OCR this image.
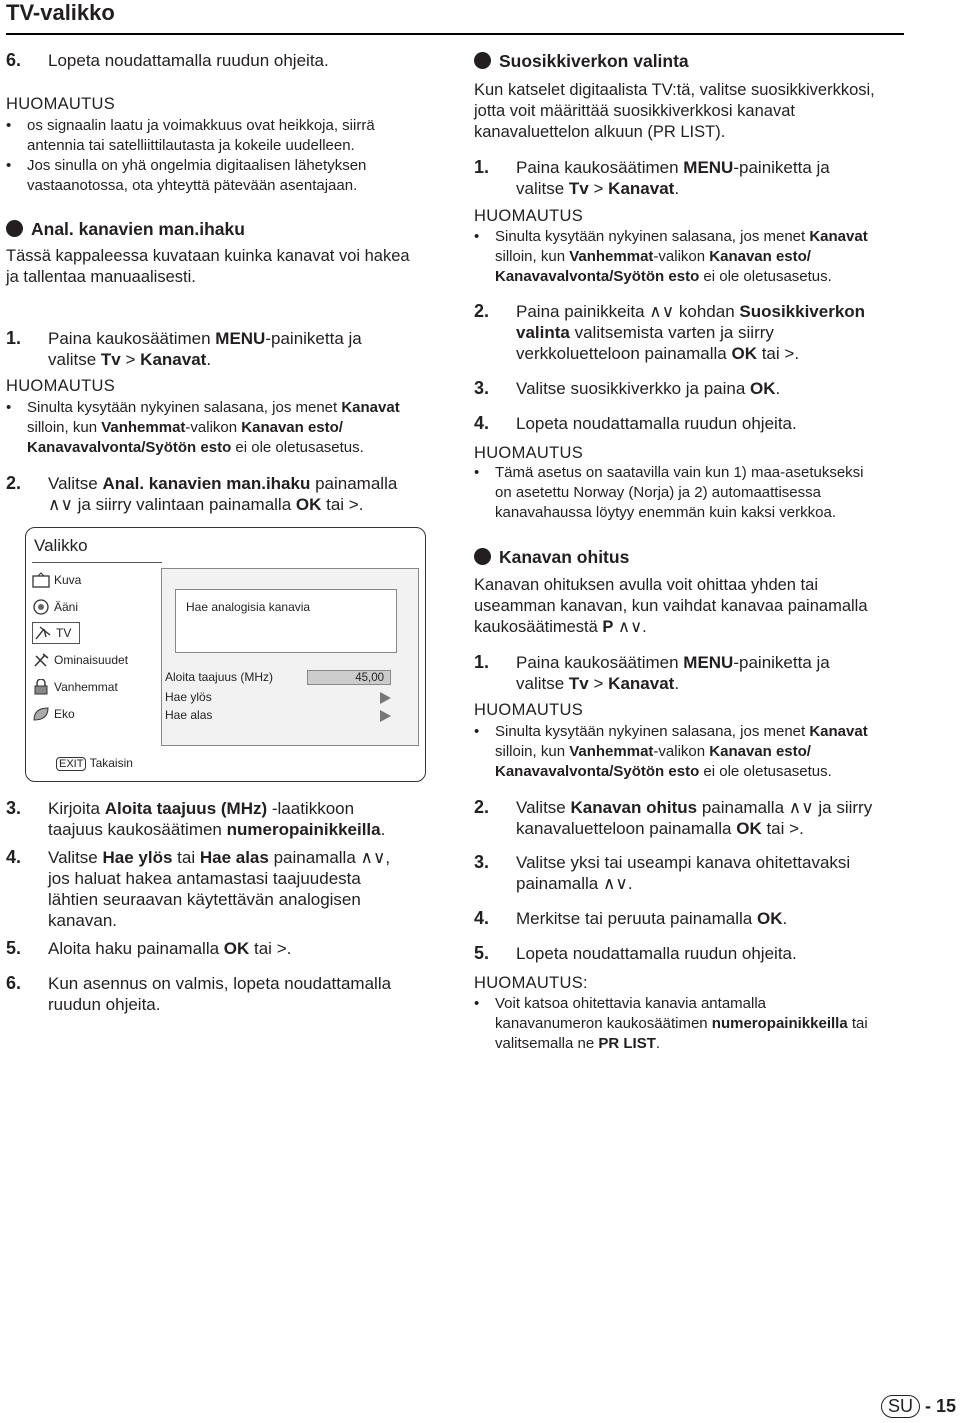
TV-valikko
6. Lopeta noudattamalla ruudun ohjeita.
HUOMAUTUS
• os signaalin laatu ja voimakkuus ovat heikkoja, siirrä
antennia tai satelliittilautasta ja kokeile uudelleen.
• Jos sinulla on yhä ongelmia digitaalisen lähetyksen
vastaanotossa, ota yhteyttä pätevään asentajaan.
Anal. kanavien man.ihaku
Tässä kappaleessa kuvataan kuinka kanavat voi hakea
ja tallentaa manuaalisesti.
1. Paina kaukosäätimen MENU-painiketta ja
valitse Tv > Kanavat.
HUOMAUTUS
• Sinulta kysytään nykyinen salasana, jos menet Kanavat
silloin, kun Vanhemmat-valikon Kanavan esto/
Kanavavalvonta/Syötön esto ei ole oletusasetus.
2. Valitse Anal. kanavien man.ihaku painamalla
∧∨ ja siirry valintaan painamalla OK tai >.
Valikko
Kuva
Ääni
TV
Ominaisuudet
Vanhemmat
Eko
Hae analogisia kanavia
Aloita taajuus (MHz)	45,00
Hae ylös
Hae alas
EXIT Takaisin
3. Kirjoita Aloita taajuus (MHz) -laatikkoon
taajuus kaukosäätimen numeropainikkeilla.
4. Valitse Hae ylös tai Hae alas painamalla ∧∨,
jos haluat hakea antamastasi taajuudesta
lähtien seuraavan käytettävän analogisen
kanavan.
5. Aloita haku painamalla OK tai >.
6. Kun asennus on valmis, lopeta noudattamalla
ruudun ohjeita.
Suosikkiverkon valinta
Kun katselet digitaalista TV:tä, valitse suosikkiverkkosi,
jotta voit määrittää suosikkiverkkosi kanavat
kanavaluettelon alkuun (PR LIST).
1. Paina kaukosäätimen MENU-painiketta ja
valitse Tv > Kanavat.
HUOMAUTUS
• Sinulta kysytään nykyinen salasana, jos menet Kanavat
silloin, kun Vanhemmat-valikon Kanavan esto/
Kanavavalvonta/Syötön esto ei ole oletusasetus.
2. Paina painikkeita ∧∨ kohdan Suosikkiverkon
valinta valitsemista varten ja siirry
verkkoluetteloon painamalla OK tai >.
3. Valitse suosikkiverkko ja paina OK.
4. Lopeta noudattamalla ruudun ohjeita.
HUOMAUTUS
• Tämä asetus on saatavilla vain kun 1) maa-asetukseksi
on asetettu Norway (Norja) ja 2) automaattisessa
kanavahaussa löytyy enemmän kuin kaksi verkkoa.
Kanavan ohitus
Kanavan ohituksen avulla voit ohittaa yhden tai
useamman kanavan, kun vaihdat kanavaa painamalla
kaukosäätimestä P ∧∨.
1. Paina kaukosäätimen MENU-painiketta ja
valitse Tv > Kanavat.
HUOMAUTUS
• Sinulta kysytään nykyinen salasana, jos menet Kanavat
silloin, kun Vanhemmat-valikon Kanavan esto/
Kanavavalvonta/Syötön esto ei ole oletusasetus.
2. Valitse Kanavan ohitus painamalla ∧∨ ja siirry
kanavaluetteloon painamalla OK tai >.
3. Valitse yksi tai useampi kanava ohitettavaksi
painamalla ∧∨.
4. Merkitse tai peruuta painamalla OK.
5. Lopeta noudattamalla ruudun ohjeita.
HUOMAUTUS:
• Voit katsoa ohitettavia kanavia antamalla
kanavanumeron kaukosäätimen numeropainikkeilla tai
valitsemalla ne PR LIST.
SU - 15
